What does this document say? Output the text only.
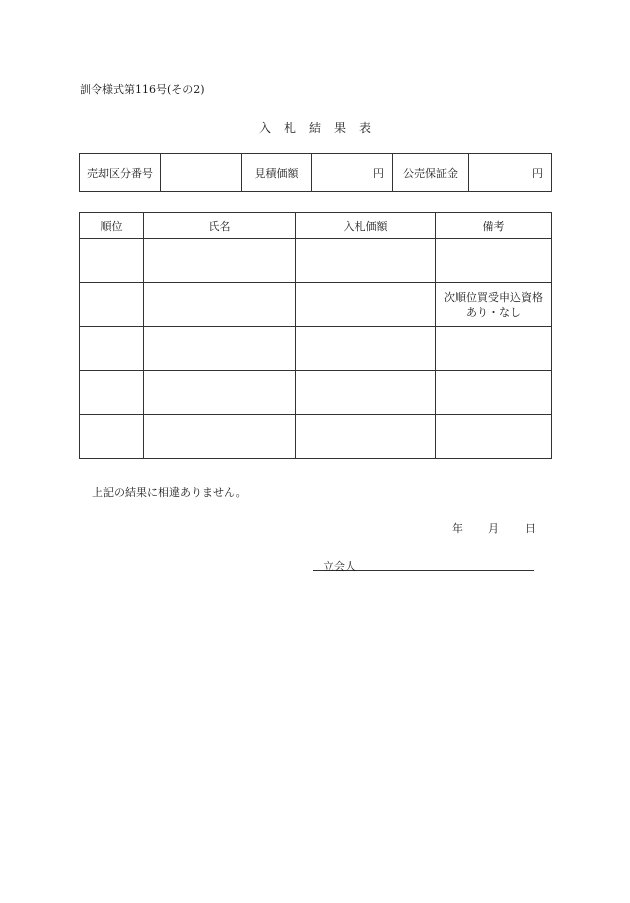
訓令様式第116号(その2)
入札結果表
売却区分番号		見積価額	円	公売保証金	円
順位	氏名	入札価額	備考

			次順位買受申込資格
あり・なし

上記の結果に相違ありません。
年 月 日
立会人
